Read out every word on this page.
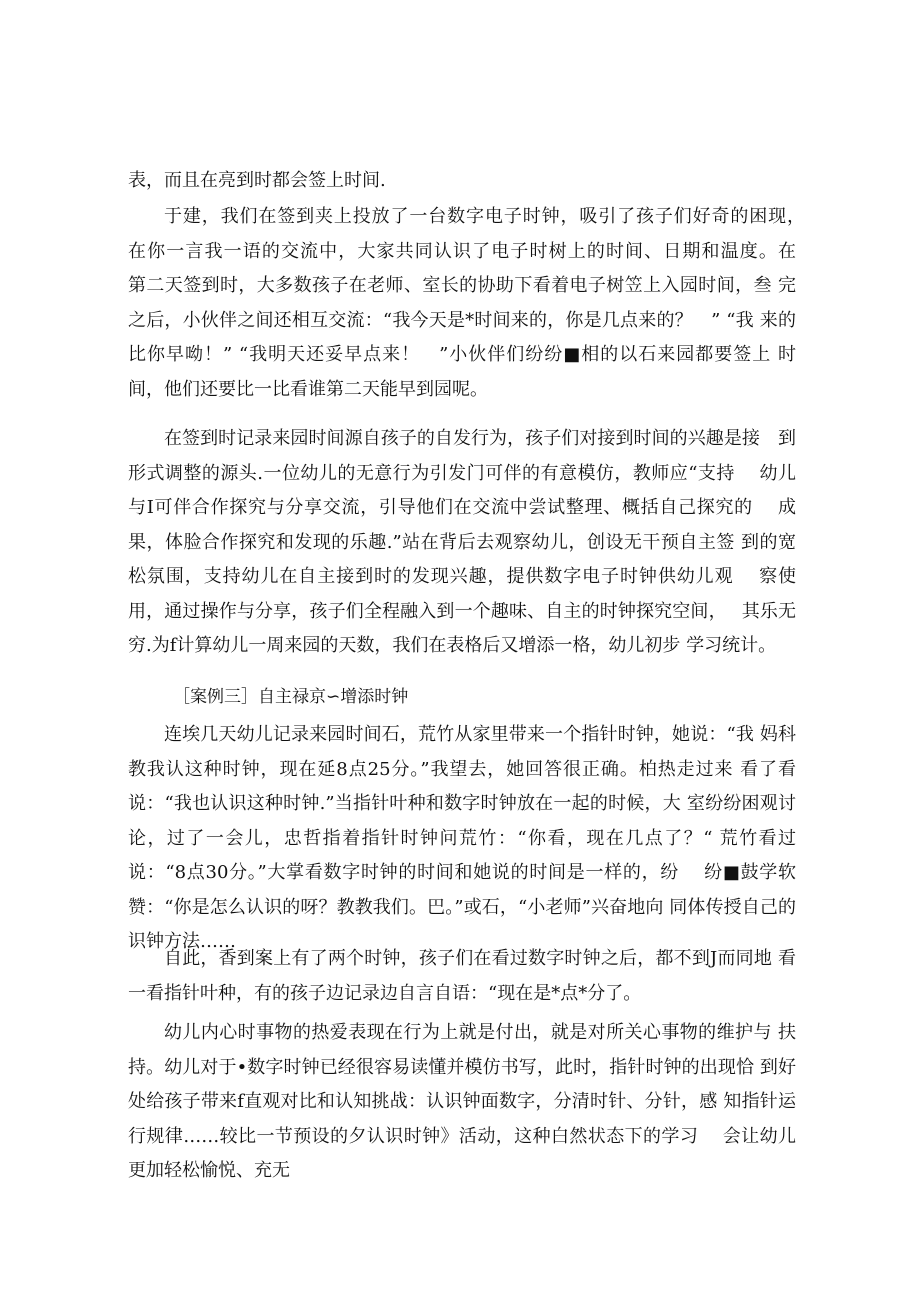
表，而且在亮到时都会签上时间.

于建，我们在签到夹上投放了一台数字电子时钟，吸引了孩子们好奇的困现，　在你一言我一语的交流中，大家共同认识了电子时树上的时间、日期和温度。在　　第二天签到时，大多数孩子在老师、室长的协助下看着电子树笠上入园时间，叁 完之后，小伙伴之间还相互交流：“我今天是*时间来的，你是几点来的？　” “我 来的比你早呦！” “我明天还妥早点来！　”小伙伴们纷纷■相的以石来园都要签上 时间，他们还要比一比看谁第二天能早到园呢。

在签到时记录来园时间源自孩子的自发行为，孩子们对接到时间的兴趣是接　到形式调整的源头.一位幼儿的无意行为引发门可伴的有意模仿，教师应“支持　 幼儿与I可伴合作探究与分享交流，引导他们在交流中尝试整理、概括自己探究的　 成果，体脸合作探究和发现的乐趣.”站在背后去观察幼儿，创设无干预自主签 到的宽松氛围，支持幼儿在自主接到时的发现兴趣，提供数字电子时钟供幼儿观　 察使用，通过操作与分享，孩子们全程融入到一个趣味、自主的时钟探究空间，　 其乐无穷.为f计算幼儿一周来园的天数，我们在表格后又增添一格，幼儿初步 学习统计。

［案例三］自主禄京∽增添时钟

连埃几天幼儿记录来园时间石，荒竹从家里带来一个指针时钟，她说：“我 妈科教我认这种时钟，现在延8点25分。”我望去，她回答很正确。柏热走过来 看了看说：“我也认识这种时钟.”当指针叶种和数字时钟放在一起的时候，大 室纷纷困观讨论，过了一会儿，忠哲指着指针时钟问荒竹：“你看，现在几点了？“ 荒竹看过说：“8点30分。”大掌看数字时钟的时间和她说的时间是一样的，纷　 纷■鼓学软赞：“你是怎么认识的呀？教教我们。巴。”或石，“小老师”兴奋地向 同体传授自己的识钟方法……

自此，香到案上有了两个时钟，孩子们在看过数字时钟之后，都不到J而同地 看一看指针叶种，有的孩子边记录边自言自语：“现在是*点*分了。

幼儿内心时事物的热爱表现在行为上就是付出，就是对所关心事物的维护与 扶持。幼儿对于•数字时钟已经很容易读懂并模仿书写，此时，指针时钟的出现恰 到好处给孩子带来f直观对比和认知挑战：认识钟面数字，分清时针、分针，感 知指针运行规律……较比一节预设的夕认识时钟》活动，这种白然状态下的学习　 会让幼儿更加轻松愉悦、充无
